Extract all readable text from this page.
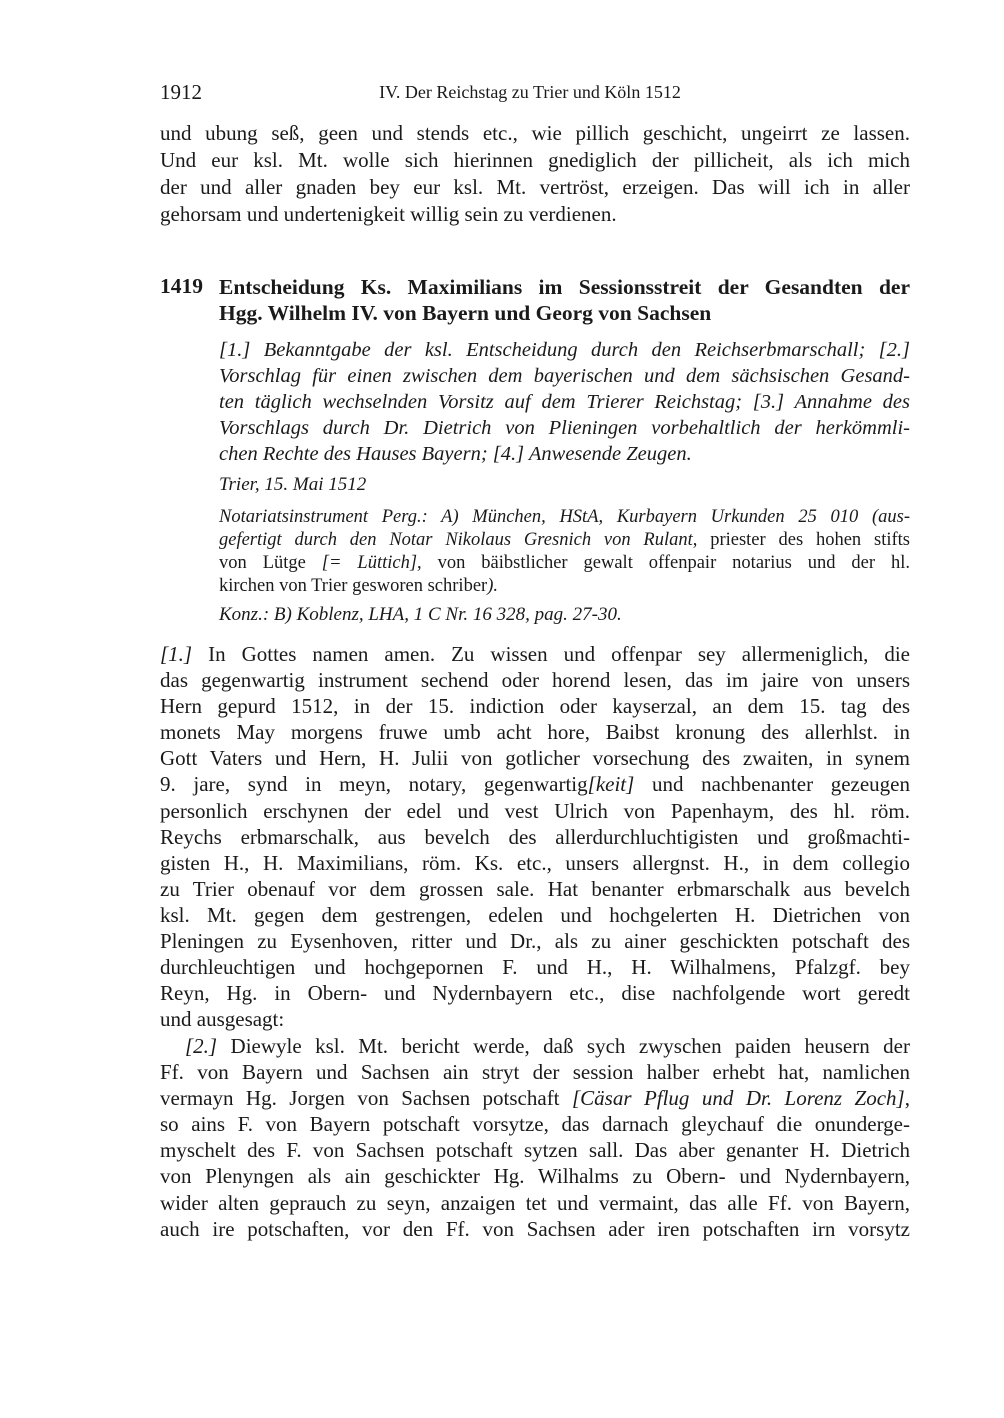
1912	IV. Der Reichstag zu Trier und Köln 1512
und ubung seß, geen und stends etc., wie pillich geschicht, ungeirrt ze lassen.
Und eur ksl. Mt. wolle sich hierinnen gnediglich der pillicheit, als ich mich
der und aller gnaden bey eur ksl. Mt. vertröst, erzeigen. Das will ich in aller
gehorsam und undertenigkeit willig sein zu verdienen.
1419 Entscheidung Ks. Maximilians im Sessionsstreit der Gesandten der
Hgg. Wilhelm IV. von Bayern und Georg von Sachsen
[1.] Bekanntgabe der ksl. Entscheidung durch den Reichserbmarschall; [2.]
Vorschlag für einen zwischen dem bayerischen und dem sächsischen Gesand-
ten täglich wechselnden Vorsitz auf dem Trierer Reichstag; [3.] Annahme des
Vorschlags durch Dr. Dietrich von Plieningen vorbehaltlich der herkömmli-
chen Rechte des Hauses Bayern; [4.] Anwesende Zeugen.
Trier, 15. Mai 1512
Notariatsinstrument Perg.: A) München, HStA, Kurbayern Urkunden 25 010 (aus-
gefertigt durch den Notar Nikolaus Gresnich von Rulant, priester des hohen stifts
von Lütge [= Lüttich], von bäibstlicher gewalt offenpair notarius und der hl.
kirchen von Trier gesworen schriber).
Konz.: B) Koblenz, LHA, 1 C Nr. 16 328, pag. 27-30.
[1.] In Gottes namen amen. Zu wissen und offenpar sey allermeniglich, die
das gegenwartig instrument sechend oder horend lesen, das im jaire von unsers
Hern gepurd 1512, in der 15. indiction oder kayserzal, an dem 15. tag des
monets May morgens fruwe umb acht hore, Baibst kronung des allerhlst. in
Gott Vaters und Hern, H. Julii von gotlicher vorsechung des zwaiten, in synem
9. jare, synd in meyn, notary, gegenwartig[keit] und nachbenanter gezeugen
personlich erschynen der edel und vest Ulrich von Papenhaym, des hl. röm.
Reychs erbmarschalk, aus bevelch des allerdurchluchtigisten und großmachti-
gisten H., H. Maximilians, röm. Ks. etc., unsers allergnst. H., in dem collegio
zu Trier obenauf vor dem grossen sale. Hat benanter erbmarschalk aus bevelch
ksl. Mt. gegen dem gestrengen, edelen und hochgelerten H. Dietrichen von
Pleningen zu Eysenhoven, ritter und Dr., als zu ainer geschickten potschaft des
durchleuchtigen und hochgepornen F. und H., H. Wilhalmens, Pfalzgf. bey
Reyn, Hg. in Obern- und Nydernbayern etc., dise nachfolgende wort geredt
und ausgesagt:
[2.] Diewyle ksl. Mt. bericht werde, daß sych zwyschen paiden heusern der
Ff. von Bayern und Sachsen ain stryt der session halber erhebt hat, namlichen
vermayn Hg. Jorgen von Sachsen potschaft [Cäsar Pflug und Dr. Lorenz Zoch],
so ains F. von Bayern potschaft vorsytze, das darnach gleychauf die onunderge-
myschelt des F. von Sachsen potschaft sytzen sall. Das aber genanter H. Dietrich
von Plenyngen als ain geschickter Hg. Wilhalms zu Obern- und Nydernbayern,
wider alten geprauch zu seyn, anzaigen tet und vermaint, das alle Ff. von Bayern,
auch ire potschaften, vor den Ff. von Sachsen ader iren potschaften irn vorsytz
